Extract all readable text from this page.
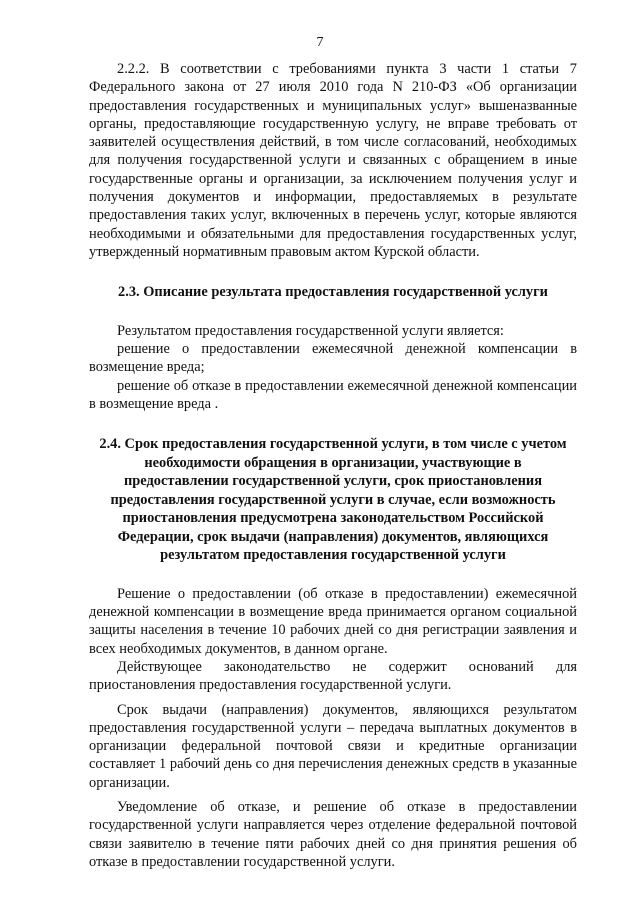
7

2.2.2. В соответствии с требованиями пункта 3 части 1 статьи 7 Федерального закона от 27 июля 2010 года N 210-ФЗ «Об организации предоставления государственных и муниципальных услуг» вышеназванные органы, предоставляющие государственную услугу, не вправе требовать от заявителей осуществления действий, в том числе согласований, необходимых для получения государственной услуги и связанных с обращением в иные государственные органы и организации, за исключением получения услуг и получения документов и информации, предоставляемых в результате предоставления таких услуг, включенных в перечень услуг, которые являются необходимыми и обязательными для предоставления государственных услуг, утвержденный нормативным правовым актом Курской области.

2.3. Описание результата предоставления государственной услуги

Результатом предоставления государственной услуги является:

решение о предоставлении ежемесячной денежной компенсации в возмещение вреда;

решение об отказе в предоставлении ежемесячной денежной компенсации в возмещение вреда .

2.4. Срок предоставления государственной услуги, в том числе с учетом необходимости обращения в организации, участвующие в предоставлении государственной услуги, срок приостановления предоставления государственной услуги в случае, если возможность приостановления предусмотрена законодательством Российской Федерации, срок выдачи (направления) документов, являющихся результатом предоставления государственной услуги

Решение о предоставлении (об отказе в предоставлении) ежемесячной денежной компенсации в возмещение вреда принимается органом социальной защиты населения в течение 10 рабочих дней со дня регистрации заявления и всех необходимых документов, в данном органе.

Действующее законодательство не содержит оснований для приостановления предоставления государственной услуги.

Срок выдачи (направления) документов, являющихся результатом предоставления государственной услуги – передача выплатных документов в организации федеральной почтовой связи и кредитные организации составляет 1 рабочий день со дня перечисления денежных средств в указанные организации.

Уведомление об отказе, и решение об отказе в предоставлении государственной услуги направляется через отделение федеральной почтовой связи заявителю в течение пяти рабочих дней со дня принятия решения об отказе в предоставлении государственной услуги.
